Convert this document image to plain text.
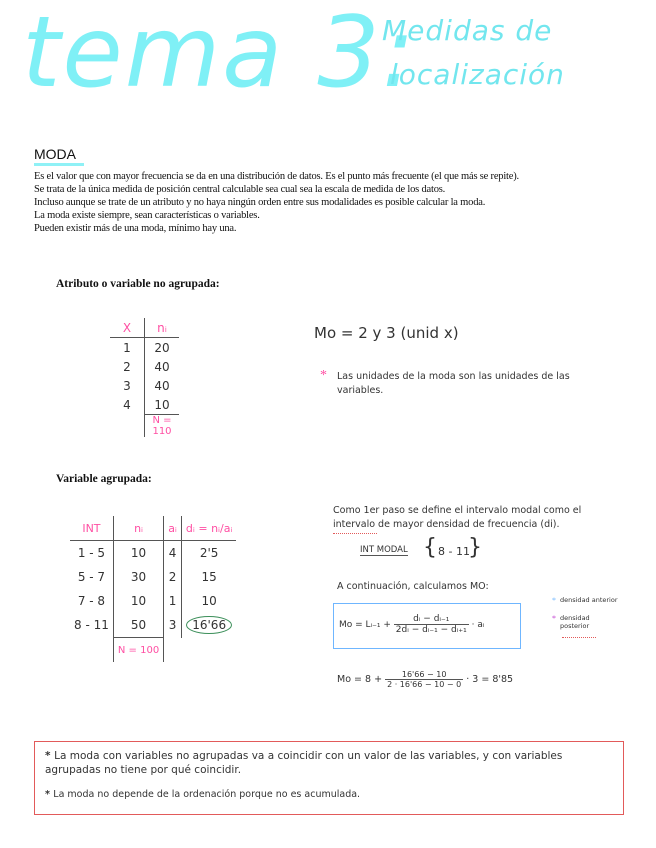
tema 3:
Medidas de
localización
MODA
Es el valor que con mayor frecuencia se da en una distribución de datos. Es el punto más frecuente (el que más se repite).
Se trata de la única medida de posición central calculable sea cual sea la escala de medida de los datos.
Incluso aunque se trate de un atributo y no haya ningún orden entre sus modalidades es posible calcular la moda.
La moda existe siempre, sean características o variables.
Pueden existir más de una moda, mínimo hay una.
Atributo o variable no agrupada:
X	nᵢ
1	20
2	40
3	40
4	10
	N = 110
Mo = 2 y 3 (unid x)
* Las unidades de la moda son las unidades de las variables.
Variable agrupada:
INT	nᵢ	aᵢ	dᵢ = nᵢ/aᵢ
1 - 5	10	4	2'5
5 - 7	30	2	15
7 - 8	10	1	10
8 - 11	50	3	16'66
	N = 100		
Como 1er paso se define el intervalo modal como el intervalo de mayor densidad de frecuencia (di).
INT MODAL { 8 - 11
}
A continuación, calculamos MO:
Mo = Lᵢ₋₁ + $\frac{\text{dᵢ − dᵢ₋₁}}{\text{2dᵢ − dᵢ₋₁ − dᵢ₊₁}}$ · aᵢ
* densidad anterior
* densidad posterior
$Mo = 8 + \frac{16'66 - 10}{2 \cdot 16'66 - 10 - 0} \cdot 3 = 8'85$
* La moda con variables no agrupadas va a coincidir con un valor de las variables, y con variables agrupadas no tiene por qué coincidir.
* La moda no depende de la ordenación porque no es acumulada.
